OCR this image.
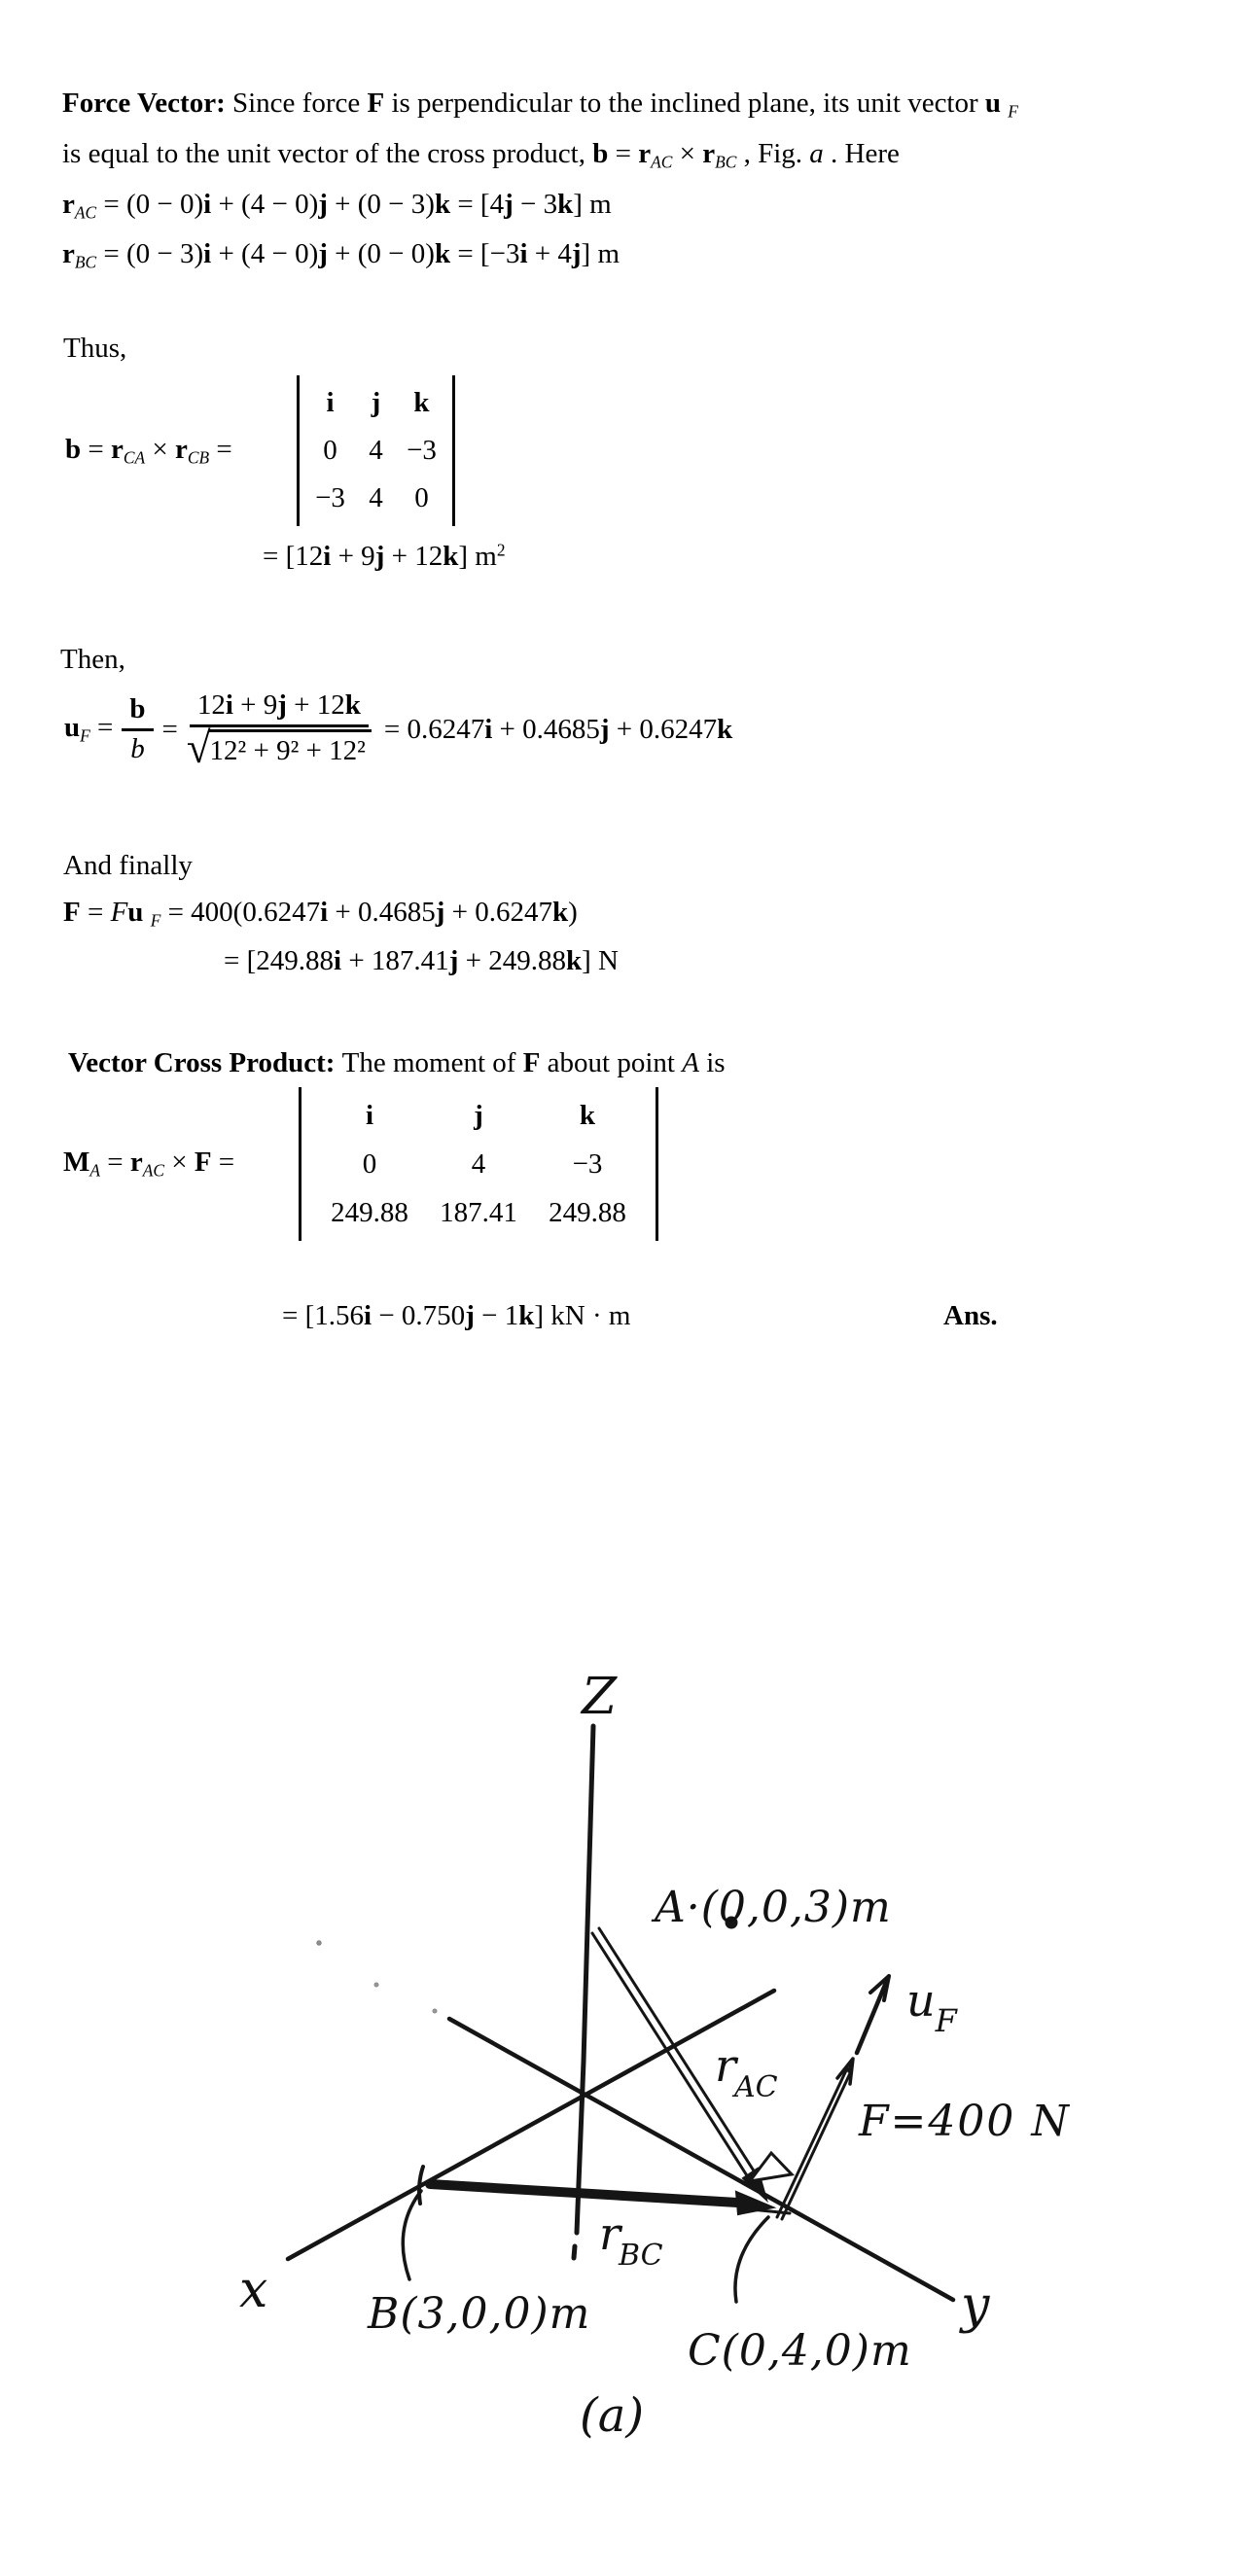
Force Vector: Since force F is perpendicular to the inclined plane, its unit vector u F
is equal to the unit vector of the cross product, b = rAC × rBC , Fig. a . Here
rAC = (0 − 0)i + (4 − 0)j + (0 − 3)k = [4j − 3k] m
rBC = (0 − 3)i + (4 − 0)j + (0 − 0)k = [−3i + 4j] m
Thus,
b = rCA × rCB =
i	j	k
0	4 −3
−3 4	0
= [12i + 9j + 12k] $m^2$
Then,
uF = $\frac{b}{b} = \frac{12i + 9j + 12k}{\text{√ 12² + 9² + 12²}} = 0.6247i + 0.4685j + 0.6247k$
And finally
F = Fu F = 400(0.6247i + 0.4685j + 0.6247k)
= [249.88i + 187.41j + 249.88k] N
Vector Cross Product: The moment of F about point A is
MA = rAC × F =
i	j	k
0	4	−3
249.88	187.41	249.88
= [1.56i − 0.750j − 1k] kN · m	Ans.
Z
x	y
A·(0,0,3)m
B(3,0,0)m
C(0,4,0)m
rAC
rBC
$u_F$
F=400 N
(a)
